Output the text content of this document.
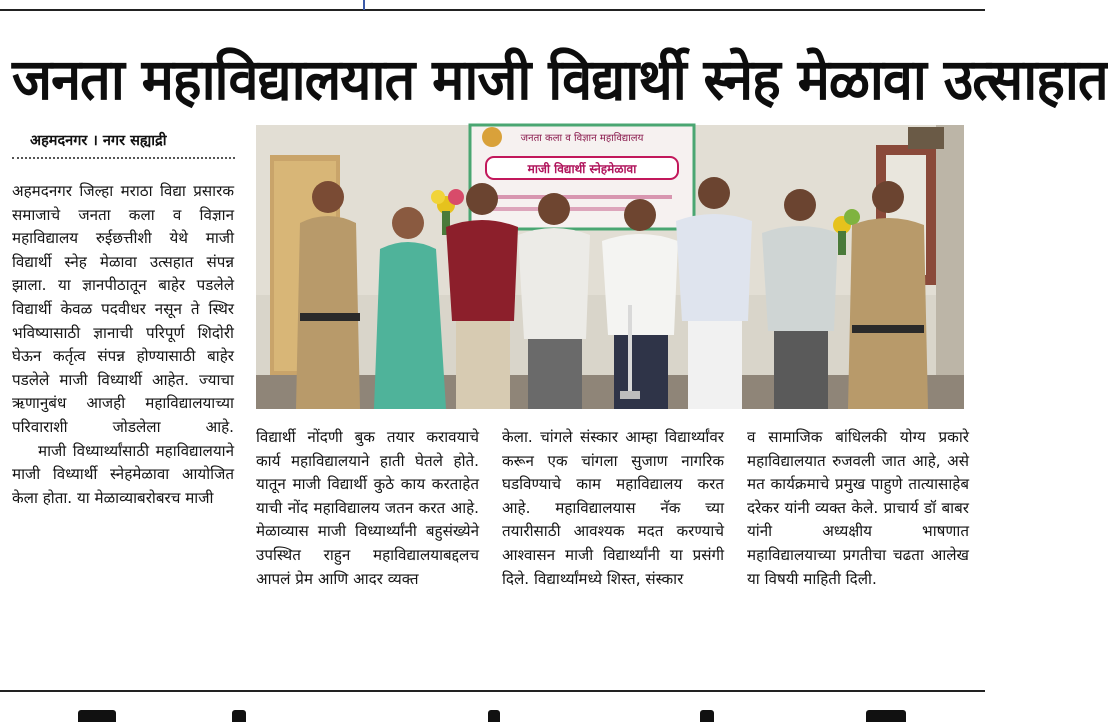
जनता महाविद्यालयात माजी विद्यार्थी स्नेह मेळावा उत्साहात
अहमदनगर । नगर सह्याद्री	जनता कला व विज्ञान महाविद्यालय
माजी विद्यार्थी स्नेहमेळावा

अहमदनगर जिल्हा मराठा विद्या प्रसारक समाजाचे जनता कला व विज्ञान महाविद्यालय रुईछत्तीशी येथे माजी विद्यार्थी स्नेह मेळावा उत्सहात संपन्न झाला. या ज्ञानपीठातून बाहेर पडलेले विद्यार्थी केवळ पदवीधर नसून ते स्थिर भविष्यासाठी ज्ञानाची परिपूर्ण शिदोरी घेऊन कर्तृत्व संपन्न होण्यासाठी बाहेर पडलेले माजी विध्यार्थी आहेत. ज्याचा ऋणानुबंध आजही महाविद्यालयाच्या परिवाराशी जोडलेला आहे.

माजी विध्यार्थ्यांसाठी महाविद्यालयाने माजी विध्यार्थी स्नेहमेळावा आयोजित केला होता. या मेळाव्याबरोबरच माजी

विद्यार्थी नोंदणी बुक तयार करावयाचे कार्य महाविद्यालयाने हाती घेतले होते. यातून माजी विद्यार्थी कुठे काय करताहेत याची नोंद महाविद्यालय जतन करत आहे. मेळाव्यास माजी विध्यार्थ्यांनी बहुसंख्येने उपस्थित राहुन महाविद्यालयाबद्दलच आपलं प्रेम आणि आदर व्यक्त

केला. चांगले संस्कार आम्हा विद्यार्थ्यांवर करून एक चांगला सुजाण नागरिक घडविण्याचे काम महाविद्यालय करत आहे. महाविद्यालयास नॅक च्या तयारीसाठी आवश्यक मदत करण्याचे आश्वासन माजी विद्यार्थ्यांनी या प्रसंगी दिले. विद्यार्थ्यांमध्ये शिस्त, संस्कार

व सामाजिक बांधिलकी योग्य प्रकारे महाविद्यालयात रुजवली जात आहे, असे मत कार्यक्रमाचे प्रमुख पाहुणे तात्यासाहेब दरेकर यांनी व्यक्त केले. प्राचार्य डॉ बाबर यांनी अध्यक्षीय भाषणात महाविद्यालयाच्या प्रगतीचा चढता आलेख या विषयी माहिती दिली.
